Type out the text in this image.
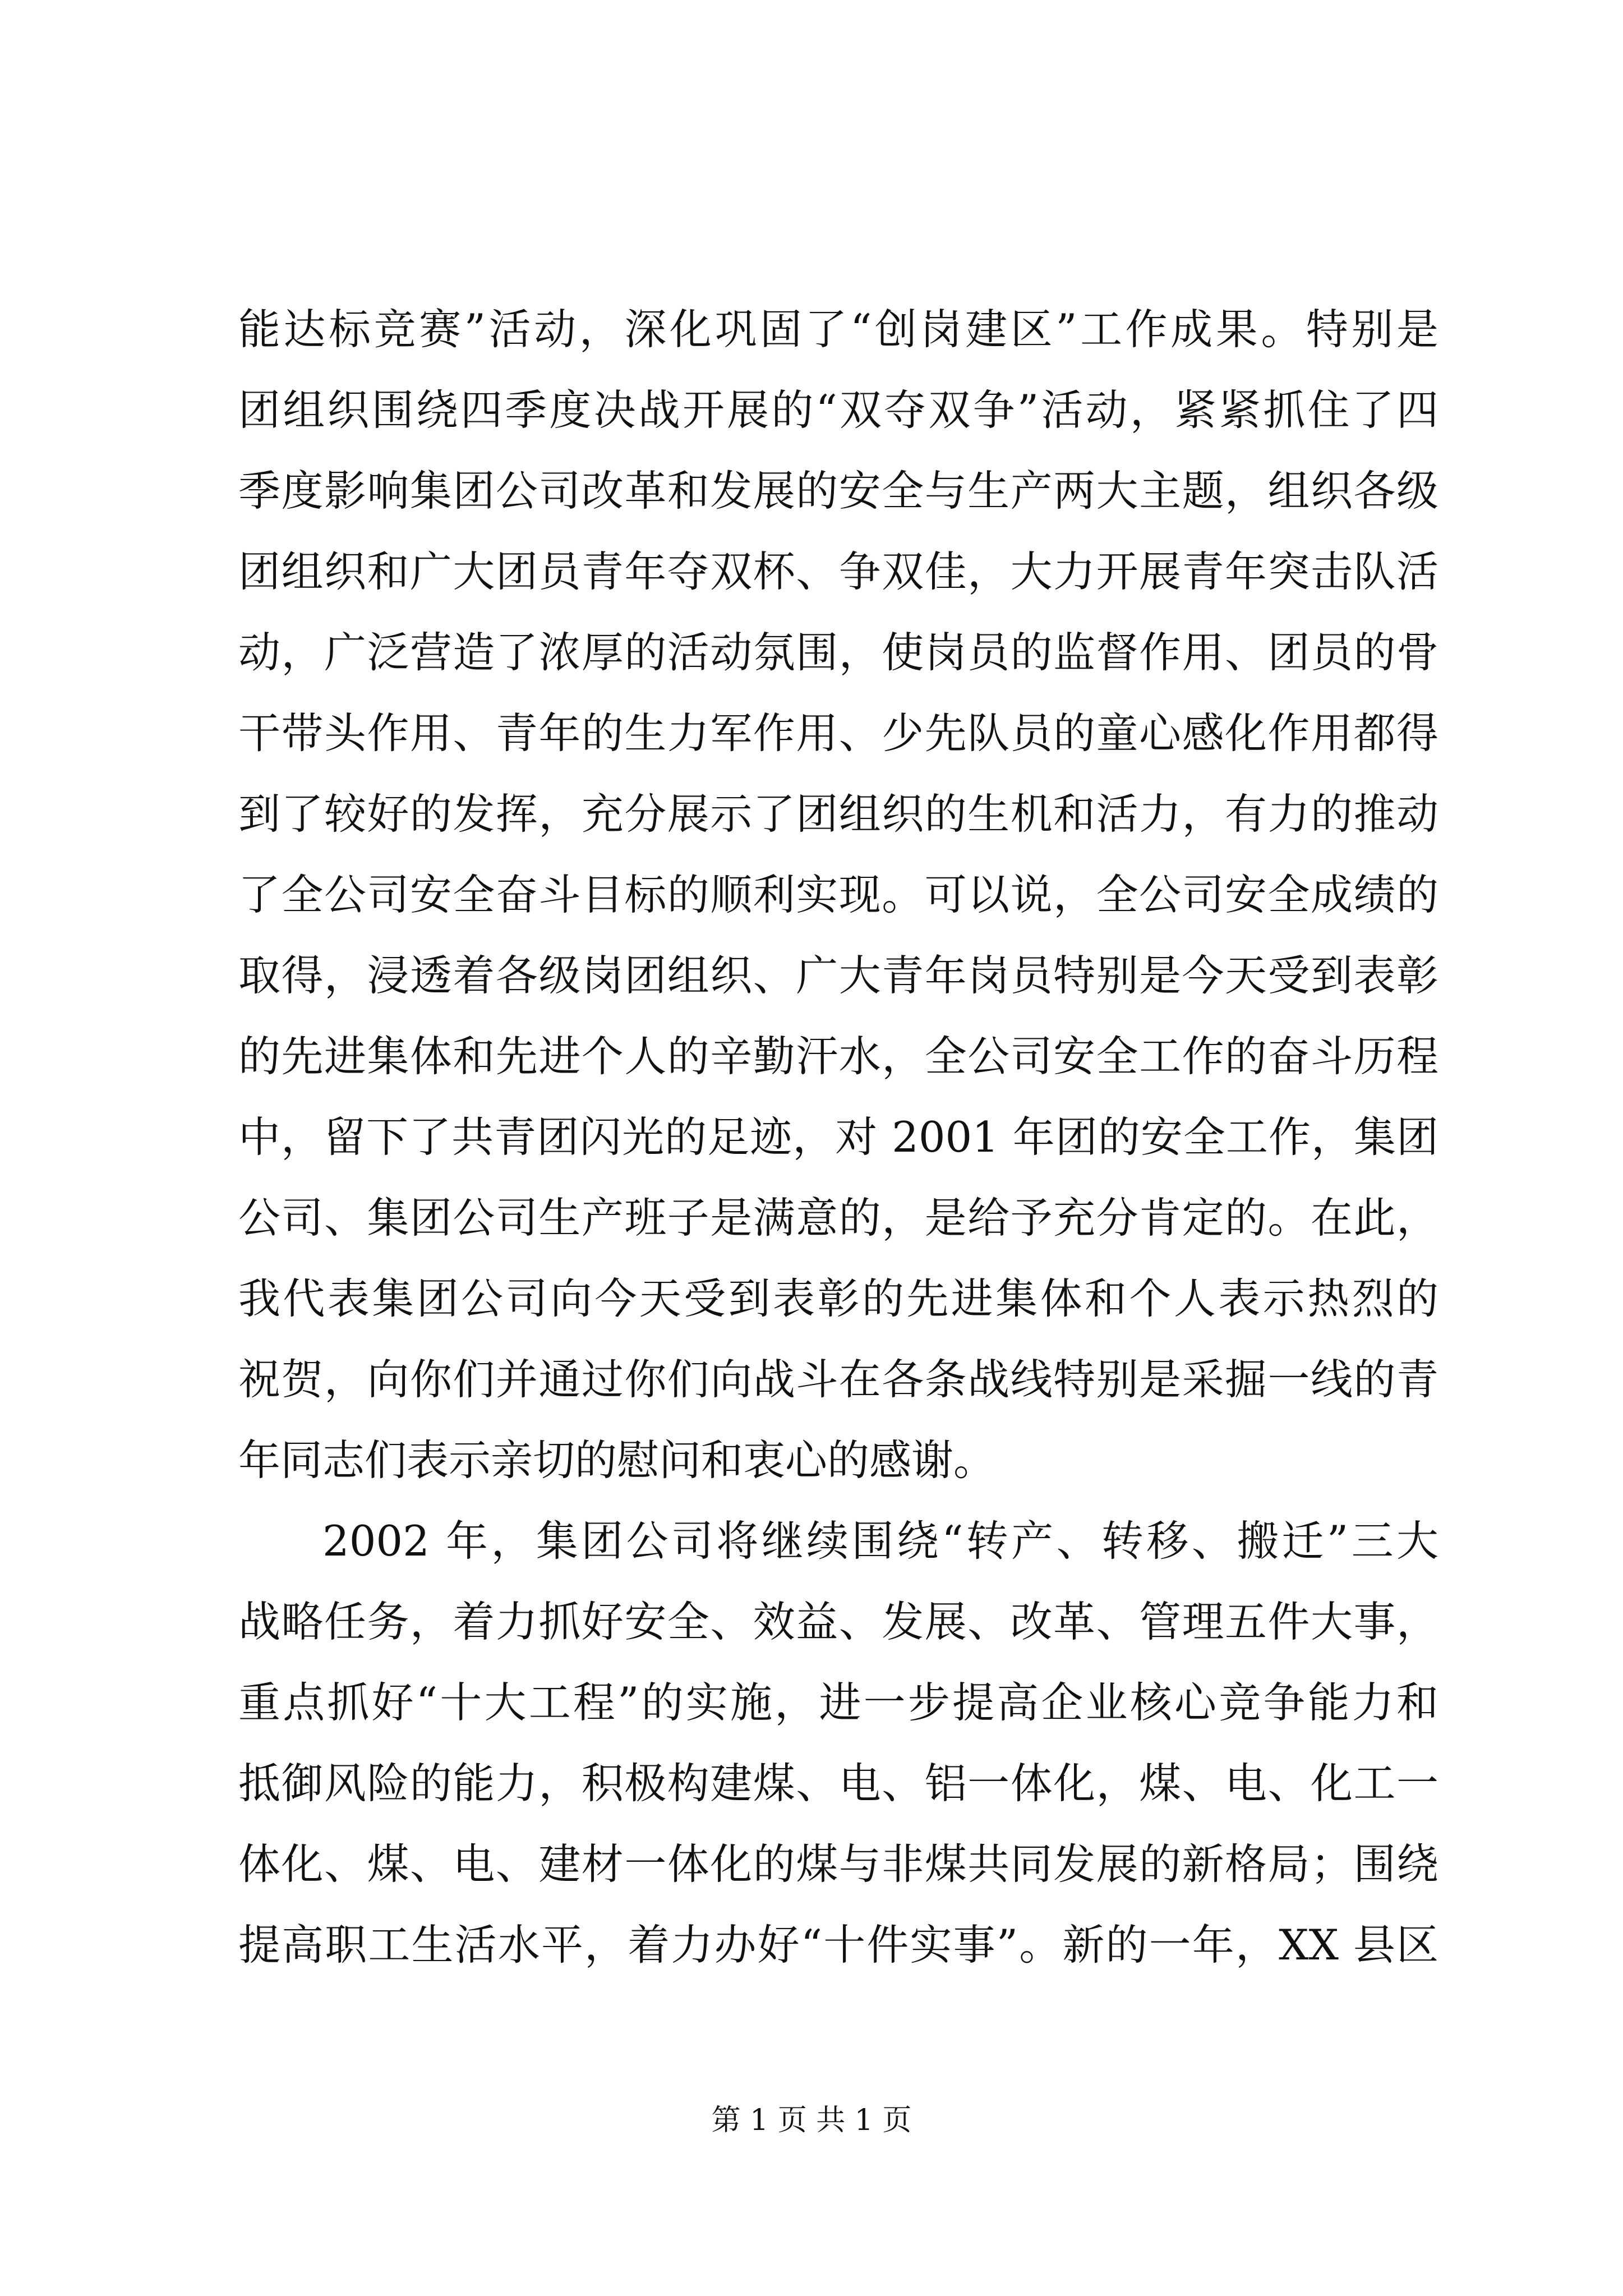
能达标竞赛”活动，深化巩固了“创岗建区”工作成果。特别是
团组织围绕四季度决战开展的“双夺双争”活动，紧紧抓住了四
季度影响集团公司改革和发展的安全与生产两大主题，组织各级
团组织和广大团员青年夺双杯、争双佳，大力开展青年突击队活
动，广泛营造了浓厚的活动氛围，使岗员的监督作用、团员的骨
干带头作用、青年的生力军作用、少先队员的童心感化作用都得
到了较好的发挥，充分展示了团组织的生机和活力，有力的推动
了全公司安全奋斗目标的顺利实现。可以说，全公司安全成绩的
取得，浸透着各级岗团组织、广大青年岗员特别是今天受到表彰
的先进集体和先进个人的辛勤汗水，全公司安全工作的奋斗历程
中，留下了共青团闪光的足迹，对 2001 年团的安全工作，集团
公司、集团公司生产班子是满意的，是给予充分肯定的。在此，
我代表集团公司向今天受到表彰的先进集体和个人表示热烈的
祝贺，向你们并通过你们向战斗在各条战线特别是采掘一线的青
年同志们表示亲切的慰问和衷心的感谢。
2002 年，集团公司将继续围绕“转产、转移、搬迁”三大
战略任务，着力抓好安全、效益、发展、改革、管理五件大事，
重点抓好“十大工程”的实施，进一步提高企业核心竞争能力和
抵御风险的能力，积极构建煤、电、铝一体化，煤、电、化工一
体化、煤、电、建材一体化的煤与非煤共同发展的新格局；围绕
提高职工生活水平，着力办好“十件实事”。新的一年，XX 县区
第 1 页 共 1 页
